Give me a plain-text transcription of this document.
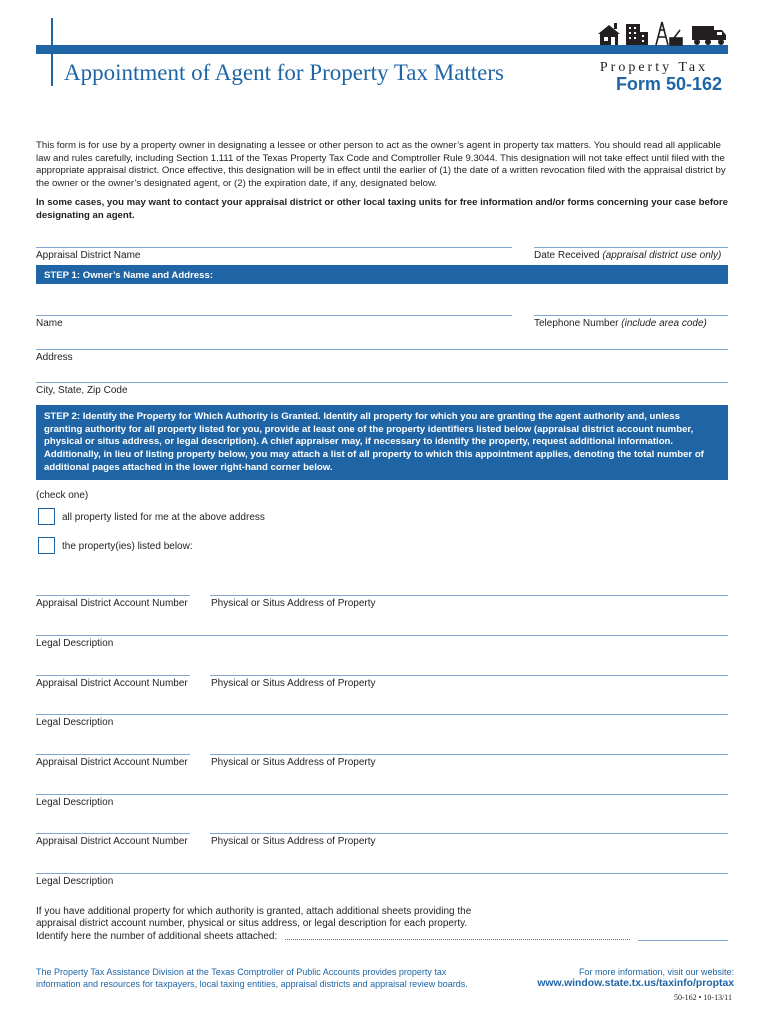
Appointment of Agent for Property Tax Matters	Property Tax
Form 50-162
This form is for use by a property owner in designating a lessee or other person to act as the owner’s agent in property tax matters. You should read all applicable law and rules carefully, including Section 1.111 of the Texas Property Tax Code and Comptroller Rule 9.3044. This designation will not take effect until filed with the appropriate appraisal district. Once effective, this designation will be in effect until the earlier of (1) the date of a written revocation filed with the appraisal district by the owner or the owner’s designated agent, or (2) the expiration date, if any, designated below.
In some cases, you may want to contact your appraisal district or other local taxing units for free information and/or forms concerning your case before designating an agent.
Appraisal District Name	Date Received (appraisal district use only)
STEP 1: Owner’s Name and Address:
Name	Telephone Number (include area code)
Address
City, State, Zip Code
STEP 2: Identify the Property for Which Authority is Granted. Identify all property for which you are granting the agent authority and, unless granting authority for all property listed for you, provide at least one of the property identifiers listed below (appraisal district account number, physical or situs address, or legal description). A chief appraiser may, if necessary to identify the property, request additional information. Additionally, in lieu of listing property below, you may attach a list of all property to which this appointment applies, denoting the total number of additional pages attached in the lower right-hand corner below.
(check one)
all property listed for me at the above address
the property(ies) listed below:
Appraisal District Account Number Physical or Situs Address of Property
Legal Description
Appraisal District Account Number Physical or Situs Address of Property
Legal Description
Appraisal District Account Number Physical or Situs Address of Property
Legal Description
Appraisal District Account Number Physical or Situs Address of Property
Legal Description
If you have additional property for which authority is granted, attach additional sheets providing the
appraisal district account number, physical or situs address, or legal description for each property.
Identify here the number of additional sheets attached:
The Property Tax Assistance Division at the Texas Comptroller of Public Accounts provides property tax
information and resources for taxpayers, local taxing entities, appraisal districts and appraisal review boards.
For more information, visit our website:
www.window.state.tx.us/taxinfo/proptax
50-162 • 10-13/11
